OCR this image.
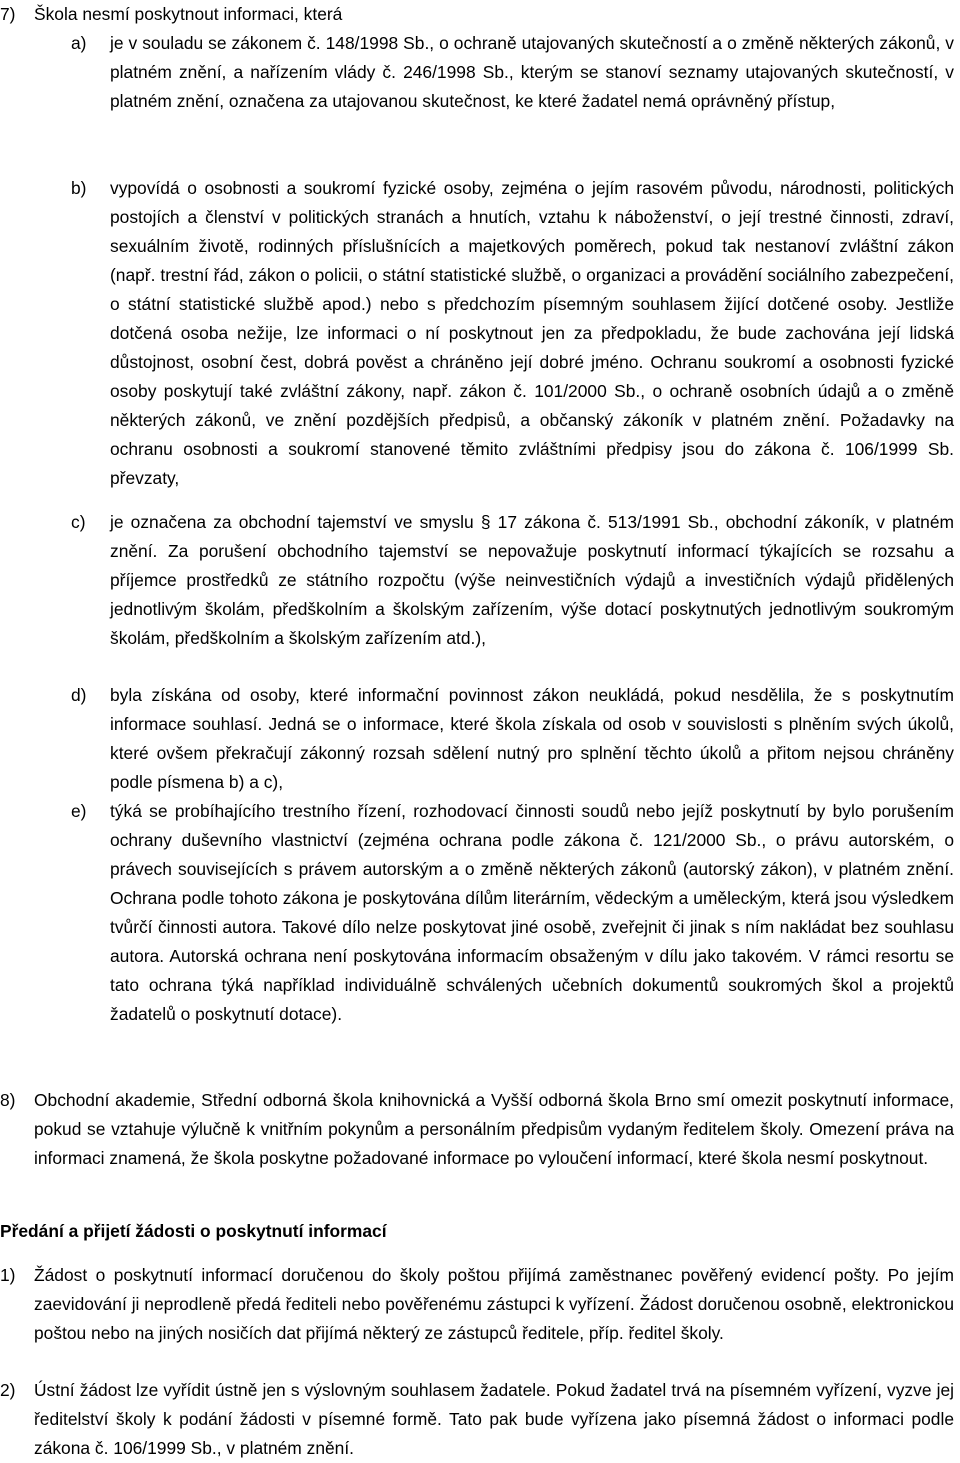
7) Škola nesmí poskytnout informaci, která
a) je v souladu se zákonem č. 148/1998 Sb., o ochraně utajovaných skutečností a o změně některých zákonů, v platném znění, a nařízením vlády č. 246/1998 Sb., kterým se stanoví seznamy utajovaných skutečností, v platném znění, označena za utajovanou skutečnost, ke které žadatel nemá oprávněný přístup,
b) vypovídá o osobnosti a soukromí fyzické osoby, zejména o jejím rasovém původu, národnosti, politických postojích a členství v politických stranách a hnutích, vztahu k náboženství, o její trestné činnosti, zdraví, sexuálním životě, rodinných příslušnících a majetkových poměrech, pokud tak nestanoví zvláštní zákon (např. trestní řád, zákon o policii, o státní statistické službě, o organizaci a provádění sociálního zabezpečení, o státní statistické službě apod.) nebo s předchozím písemným souhlasem žijící dotčené osoby. Jestliže dotčená osoba nežije, lze informaci o ní poskytnout jen za předpokladu, že bude zachována její lidská důstojnost, osobní čest, dobrá pověst a chráněno její dobré jméno. Ochranu soukromí a osobnosti fyzické osoby poskytují také zvláštní zákony, např. zákon č. 101/2000 Sb., o ochraně osobních údajů a o změně některých zákonů, ve znění pozdějších předpisů, a občanský zákoník v platném znění. Požadavky na ochranu osobnosti a soukromí stanovené těmito zvláštními předpisy jsou do zákona č. 106/1999 Sb. převzaty,
c) je označena za obchodní tajemství ve smyslu § 17 zákona č. 513/1991 Sb., obchodní zákoník, v platném znění. Za porušení obchodního tajemství se nepovažuje poskytnutí informací týkajících se rozsahu a příjemce prostředků ze státního rozpočtu (výše neinvestičních výdajů a investičních výdajů přidělených jednotlivým školám, předškolním a školským zařízením, výše dotací poskytnutých jednotlivým soukromým školám, předškolním a školským zařízením atd.),
d) byla získána od osoby, které informační povinnost zákon neukládá, pokud nesdělila, že s poskytnutím informace souhlasí. Jedná se o informace, které škola získala od osob v souvislosti s plněním svých úkolů, které ovšem překračují zákonný rozsah sdělení nutný pro splnění těchto úkolů a přitom nejsou chráněny podle písmena b) a c),
e) týká se probíhajícího trestního řízení, rozhodovací činnosti soudů nebo jejíž poskytnutí by bylo porušením ochrany duševního vlastnictví (zejména ochrana podle zákona č. 121/2000 Sb., o právu autorském, o právech souvisejících s právem autorským a o změně některých zákonů (autorský zákon), v platném znění. Ochrana podle tohoto zákona je poskytována dílům literárním, vědeckým a uměleckým, která jsou výsledkem tvůrčí činnosti autora. Takové dílo nelze poskytovat jiné osobě, zveřejnit či jinak s ním nakládat bez souhlasu autora. Autorská ochrana není poskytována informacím obsaženým v dílu jako takovém. V rámci resortu se tato ochrana týká například individuálně schválených učebních dokumentů soukromých škol a projektů žadatelů o poskytnutí dotace).
8) Obchodní akademie, Střední odborná škola knihovnická a Vyšší odborná škola Brno smí omezit poskytnutí informace, pokud se vztahuje výlučně k vnitřním pokynům a personálním předpisům vydaným ředitelem školy. Omezení práva na informaci znamená, že škola poskytne požadované informace po vyloučení informací, které škola nesmí poskytnout.
Předání a přijetí žádosti o poskytnutí informací
1) Žádost o poskytnutí informací doručenou do školy poštou přijímá zaměstnanec pověřený evidencí pošty. Po jejím zaevidování ji neprodleně předá řediteli nebo pověřenému zástupci k vyřízení. Žádost doručenou osobně, elektronickou poštou nebo na jiných nosičích dat přijímá některý ze zástupců ředitele, příp. ředitel školy.
2) Ústní žádost lze vyřídit ústně jen s výslovným souhlasem žadatele. Pokud žadatel trvá na písemném vyřízení, vyzve jej ředitelství školy k podání žádosti v písemné formě. Tato pak bude vyřízena jako písemná žádost o informaci podle zákona č. 106/1999 Sb., v platném znění.
